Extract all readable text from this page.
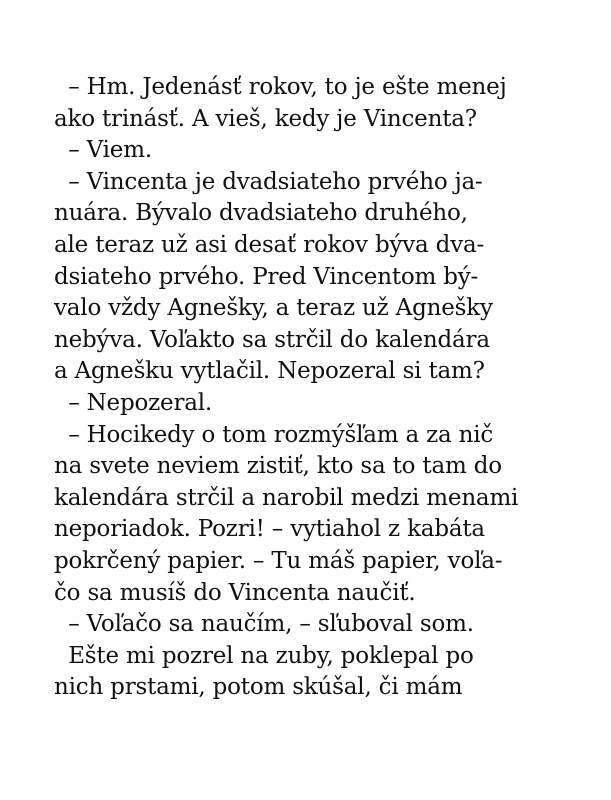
– Hm. Jedenásť rokov, to je ešte menej
ako trinásť. A vieš, kedy je Vincenta?
– Viem.
– Vincenta je dvadsiateho prvého ja-
nuára. Bývalo dvadsiateho druhého,
ale teraz už asi desať rokov býva dva-
dsiateho prvého. Pred Vincentom bý-
valo vždy Agnešky, a teraz už Agnešky
nebýva. Voľakto sa strčil do kalendára
a Agnešku vytlačil. Nepozeral si tam?
– Nepozeral.
– Hocikedy o tom rozmýšľam a za nič
na svete neviem zistiť, kto sa to tam do
kalendára strčil a narobil medzi menami
neporiadok. Pozri! – vytiahol z kabáta
pokrčený papier. – Tu máš papier, voľa-
čo sa musíš do Vincenta naučiť.
– Voľačo sa naučím, – sľuboval som.
Ešte mi pozrel na zuby, poklepal po
nich prstami, potom skúšal, či mám
